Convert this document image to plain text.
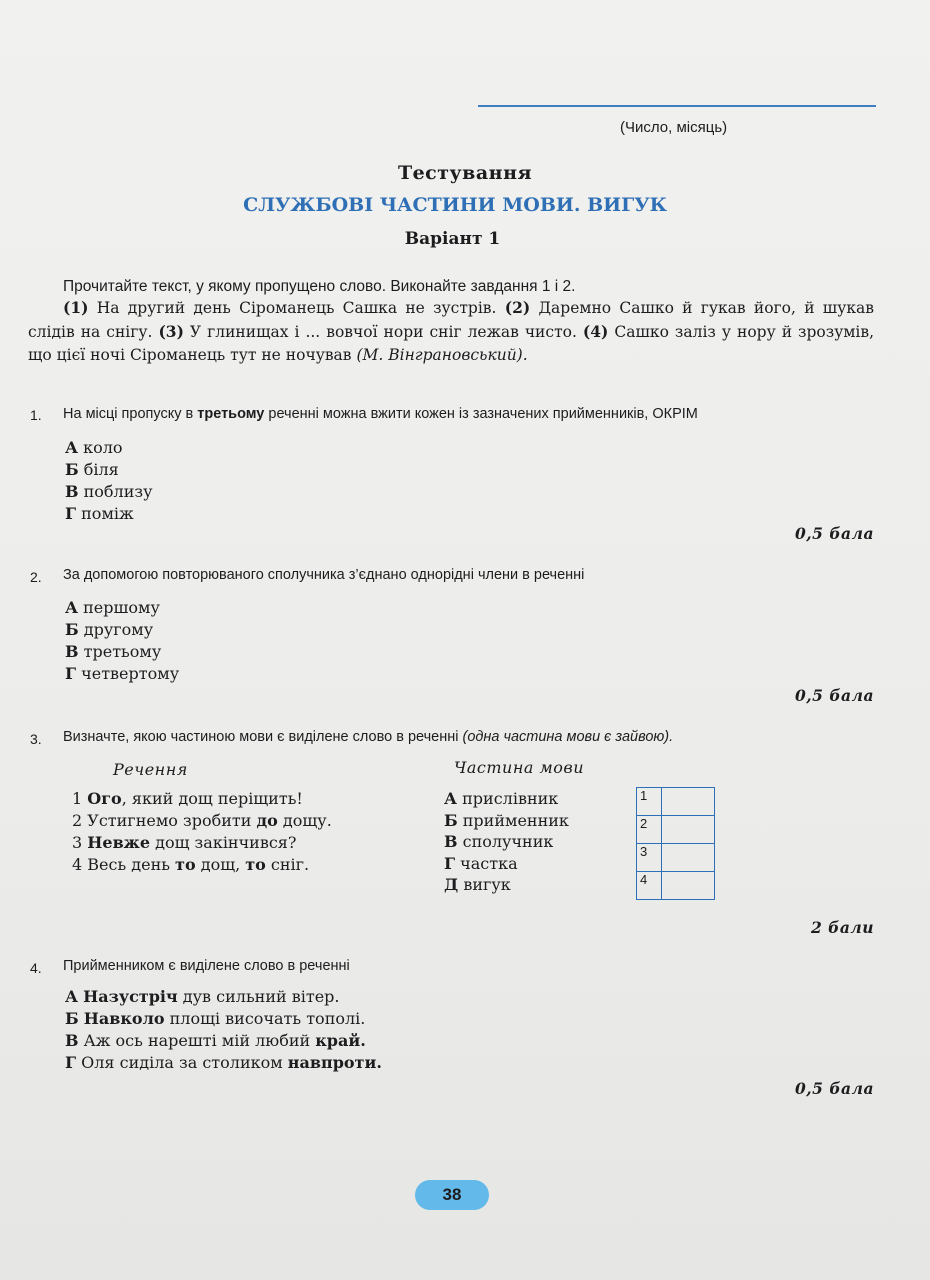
(Число, місяць)
Тестування
СЛУЖБОВІ ЧАСТИНИ МОВИ. ВИГУК
Варіант 1
Прочитайте текст, у якому пропущено слово. Виконайте завдання 1 і 2.
(1) На другий день Сіроманець Сашка не зустрів. (2) Даремно Сашко й гукав його, й шукав слідів на снігу. (3) У глинищах і ... вовчої нори сніг лежав чисто. (4) Сашко заліз у нору й зрозумів, що цієї ночі Сіроманець тут не ночував (М. Вінграновський).
1. На місці пропуску в третьому реченні можна вжити кожен із зазначених прийменників, ОКРІМ
А коло
Б біля
В поблизу
Г поміж
0,5 бала
2. За допомогою повторюваного сполучника з’єднано однорідні члени в реченні
А першому
Б другому
В третьому
Г четвертому
0,5 бала
3. Визначте, якою частиною мови є виділене слово в реченні (одна частина мови є зайвою).
Речення	Частина мови
1 Ого, який дощ періщить!
2 Устигнемо зробити до дощу.
3 Невже дощ закінчився?
4 Весь день то дощ, то сніг.
А прислівник
Б прийменник
В сполучник
Г частка
Д вигук
1		
2		
3		
4		
2 бали
4. Прийменником є виділене слово в реченні
А Назустріч дув сильний вітер.
Б Навколо площі височать тополі.
В Аж ось нарешті мій любий край.
Г Оля сиділа за столиком навпроти.
0,5 бала
38
